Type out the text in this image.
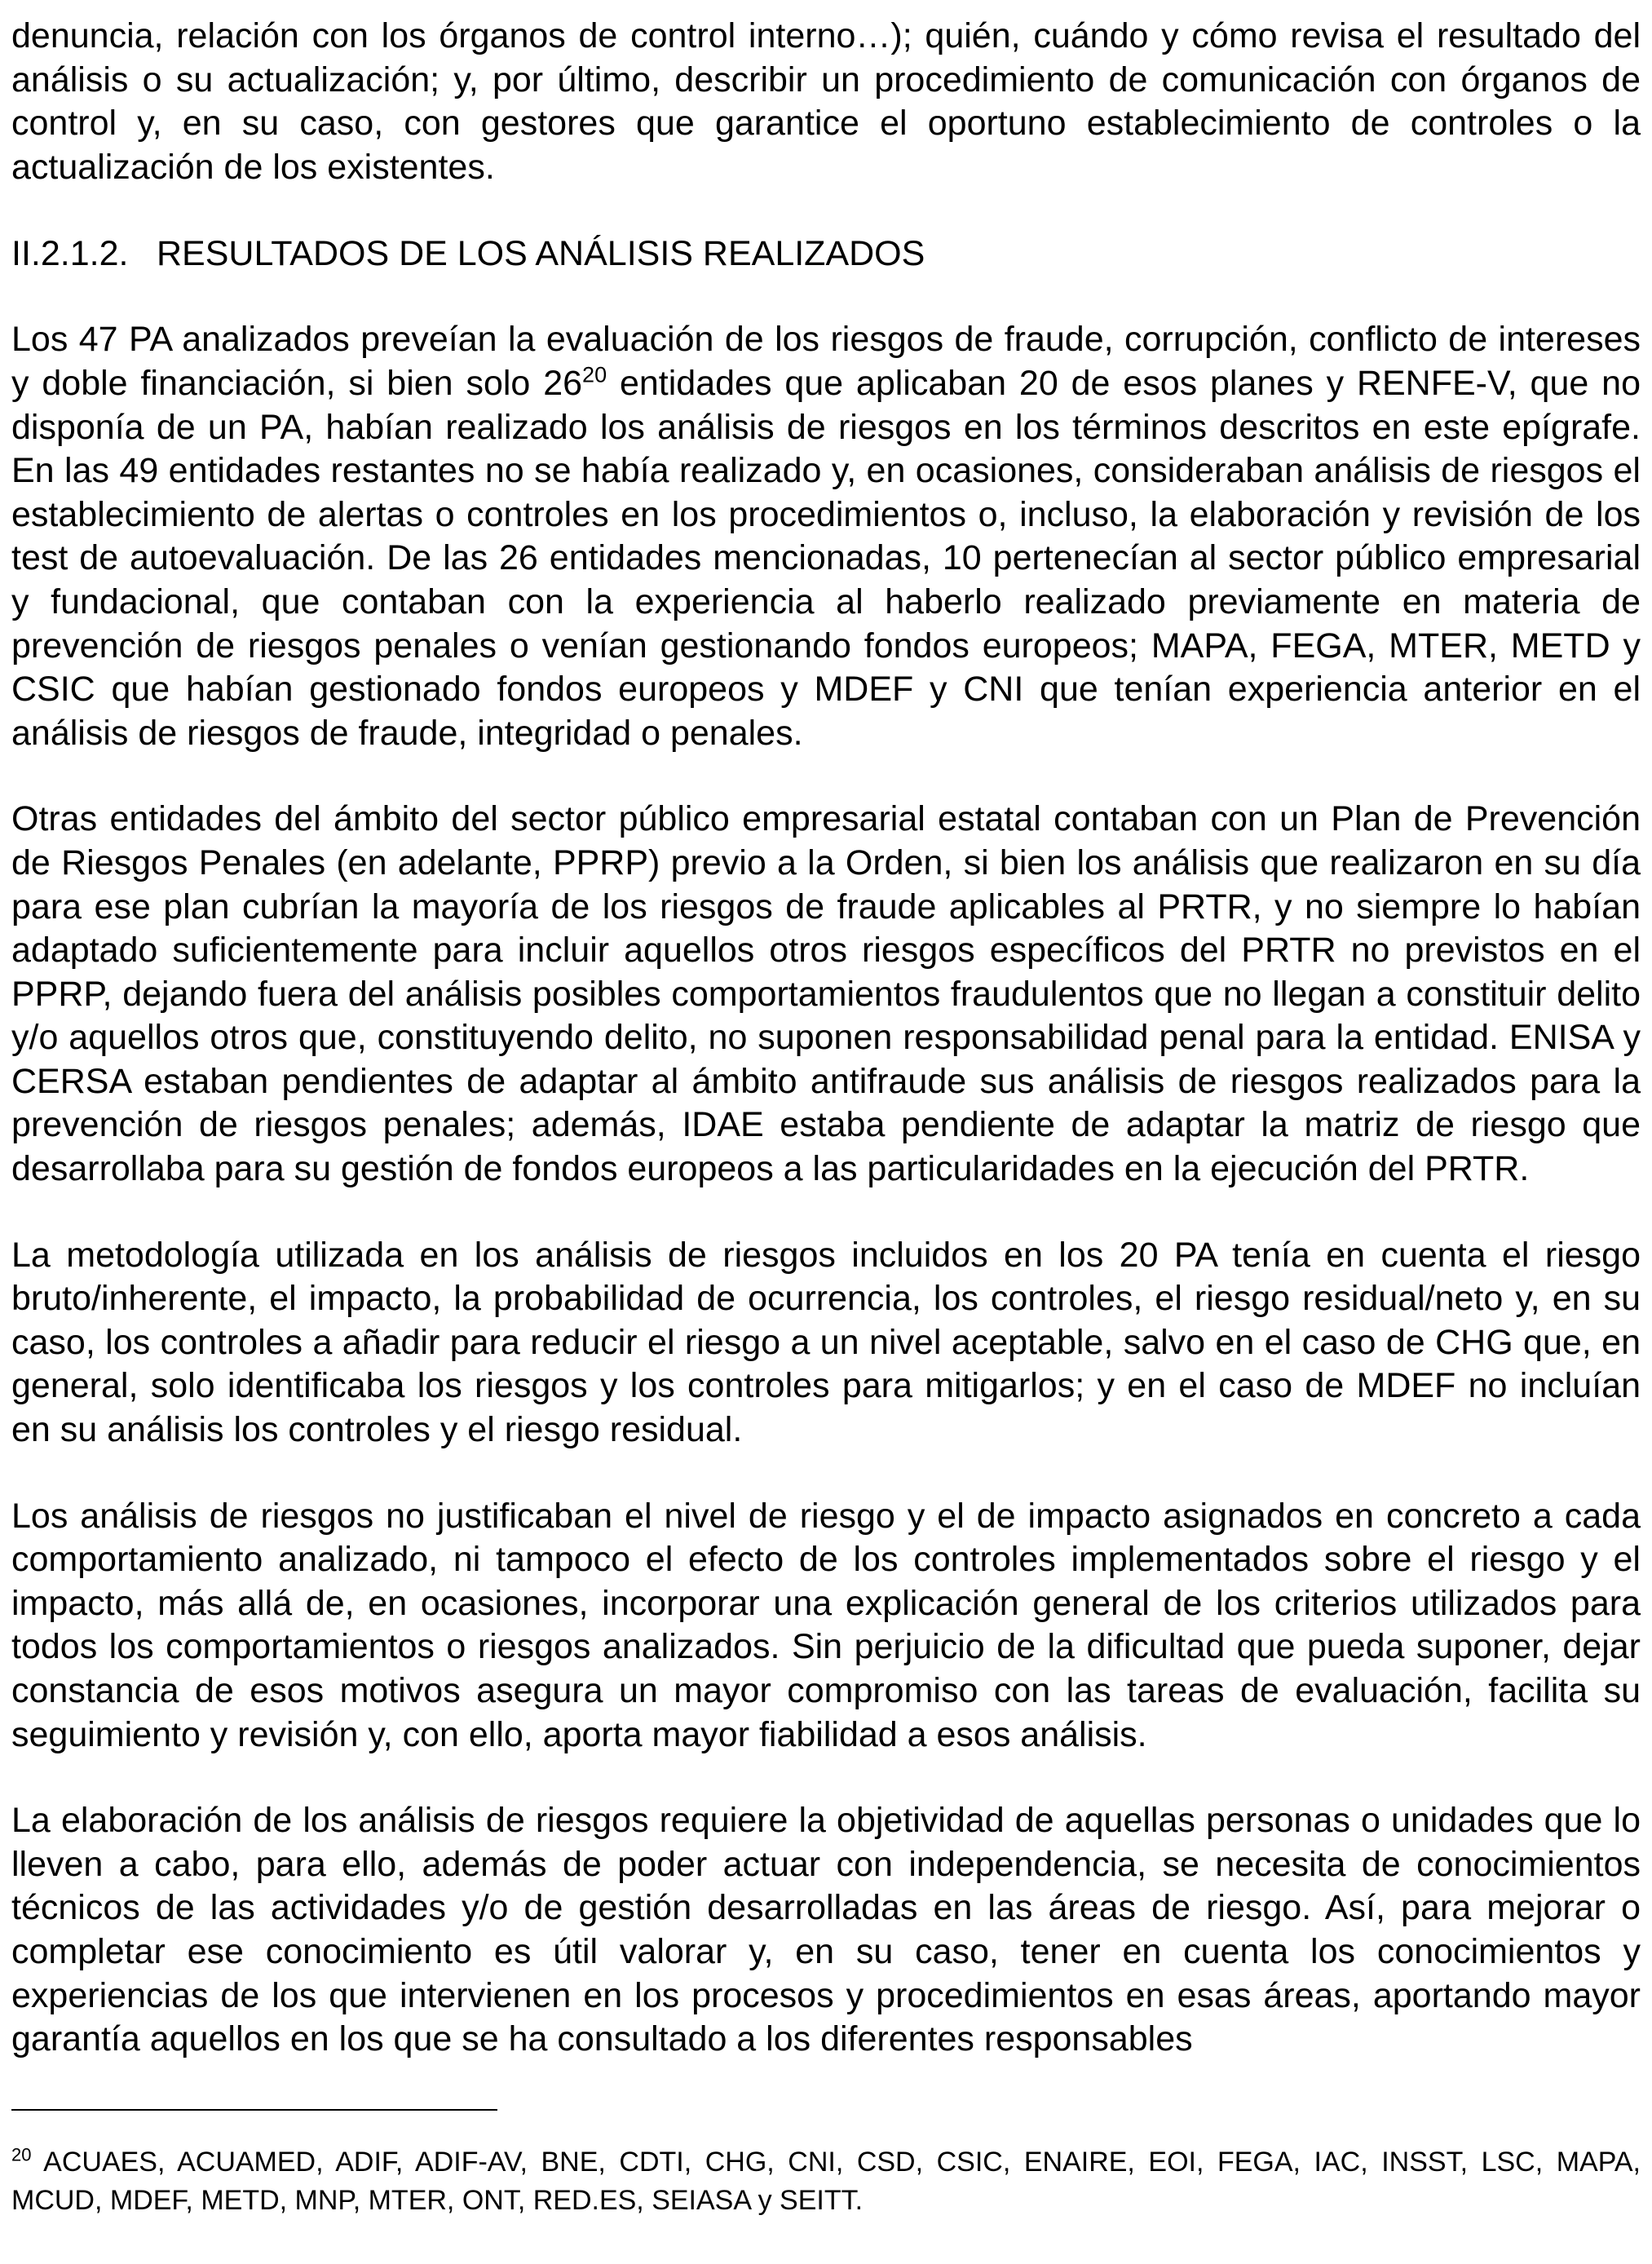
denuncia, relación con los órganos de control interno…); quién, cuándo y cómo revisa el resultado del análisis o su actualización; y, por último, describir un procedimiento de comunicación con órganos de control y, en su caso, con gestores que garantice el oportuno establecimiento de controles o la actualización de los existentes.

II.2.1.2. RESULTADOS DE LOS ANÁLISIS REALIZADOS

Los 47 PA analizados preveían la evaluación de los riesgos de fraude, corrupción, conflicto de intereses y doble financiación, si bien solo $26^{20}$ entidades que aplicaban 20 de esos planes y RENFE-V, que no disponía de un PA, habían realizado los análisis de riesgos en los términos descritos en este epígrafe. En las 49 entidades restantes no se había realizado y, en ocasiones, consideraban análisis de riesgos el establecimiento de alertas o controles en los procedimientos o, incluso, la elaboración y revisión de los test de autoevaluación. De las 26 entidades mencionadas, 10 pertenecían al sector público empresarial y fundacional, que contaban con la experiencia al haberlo realizado previamente en materia de prevención de riesgos penales o venían gestionando fondos europeos; MAPA, FEGA, MTER, METD y CSIC que habían gestionado fondos europeos y MDEF y CNI que tenían experiencia anterior en el análisis de riesgos de fraude, integridad o penales.

Otras entidades del ámbito del sector público empresarial estatal contaban con un Plan de Prevención de Riesgos Penales (en adelante, PPRP) previo a la Orden, si bien los análisis que realizaron en su día para ese plan cubrían la mayoría de los riesgos de fraude aplicables al PRTR, y no siempre lo habían adaptado suficientemente para incluir aquellos otros riesgos específicos del PRTR no previstos en el PPRP, dejando fuera del análisis posibles comportamientos fraudulentos que no llegan a constituir delito y/o aquellos otros que, constituyendo delito, no suponen responsabilidad penal para la entidad. ENISA y CERSA estaban pendientes de adaptar al ámbito antifraude sus análisis de riesgos realizados para la prevención de riesgos penales; además, IDAE estaba pendiente de adaptar la matriz de riesgo que desarrollaba para su gestión de fondos europeos a las particularidades en la ejecución del PRTR.

La metodología utilizada en los análisis de riesgos incluidos en los 20 PA tenía en cuenta el riesgo bruto/inherente, el impacto, la probabilidad de ocurrencia, los controles, el riesgo residual/neto y, en su caso, los controles a añadir para reducir el riesgo a un nivel aceptable, salvo en el caso de CHG que, en general, solo identificaba los riesgos y los controles para mitigarlos; y en el caso de MDEF no incluían en su análisis los controles y el riesgo residual.

Los análisis de riesgos no justificaban el nivel de riesgo y el de impacto asignados en concreto a cada comportamiento analizado, ni tampoco el efecto de los controles implementados sobre el riesgo y el impacto, más allá de, en ocasiones, incorporar una explicación general de los criterios utilizados para todos los comportamientos o riesgos analizados. Sin perjuicio de la dificultad que pueda suponer, dejar constancia de esos motivos asegura un mayor compromiso con las tareas de evaluación, facilita su seguimiento y revisión y, con ello, aporta mayor fiabilidad a esos análisis.

La elaboración de los análisis de riesgos requiere la objetividad de aquellas personas o unidades que lo lleven a cabo, para ello, además de poder actuar con independencia, se necesita de conocimientos técnicos de las actividades y/o de gestión desarrolladas en las áreas de riesgo. Así, para mejorar o completar ese conocimiento es útil valorar y, en su caso, tener en cuenta los conocimientos y experiencias de los que intervienen en los procesos y procedimientos en esas áreas, aportando mayor garantía aquellos en los que se ha consultado a los diferentes responsables

$^{20}$ ACUAES, ACUAMED, ADIF, ADIF-AV, BNE, CDTI, CHG, CNI, CSD, CSIC, ENAIRE, EOI, FEGA, IAC, INSST, LSC, MAPA, MCUD, MDEF, METD, MNP, MTER, ONT, RED.ES, SEIASA y SEITT.
